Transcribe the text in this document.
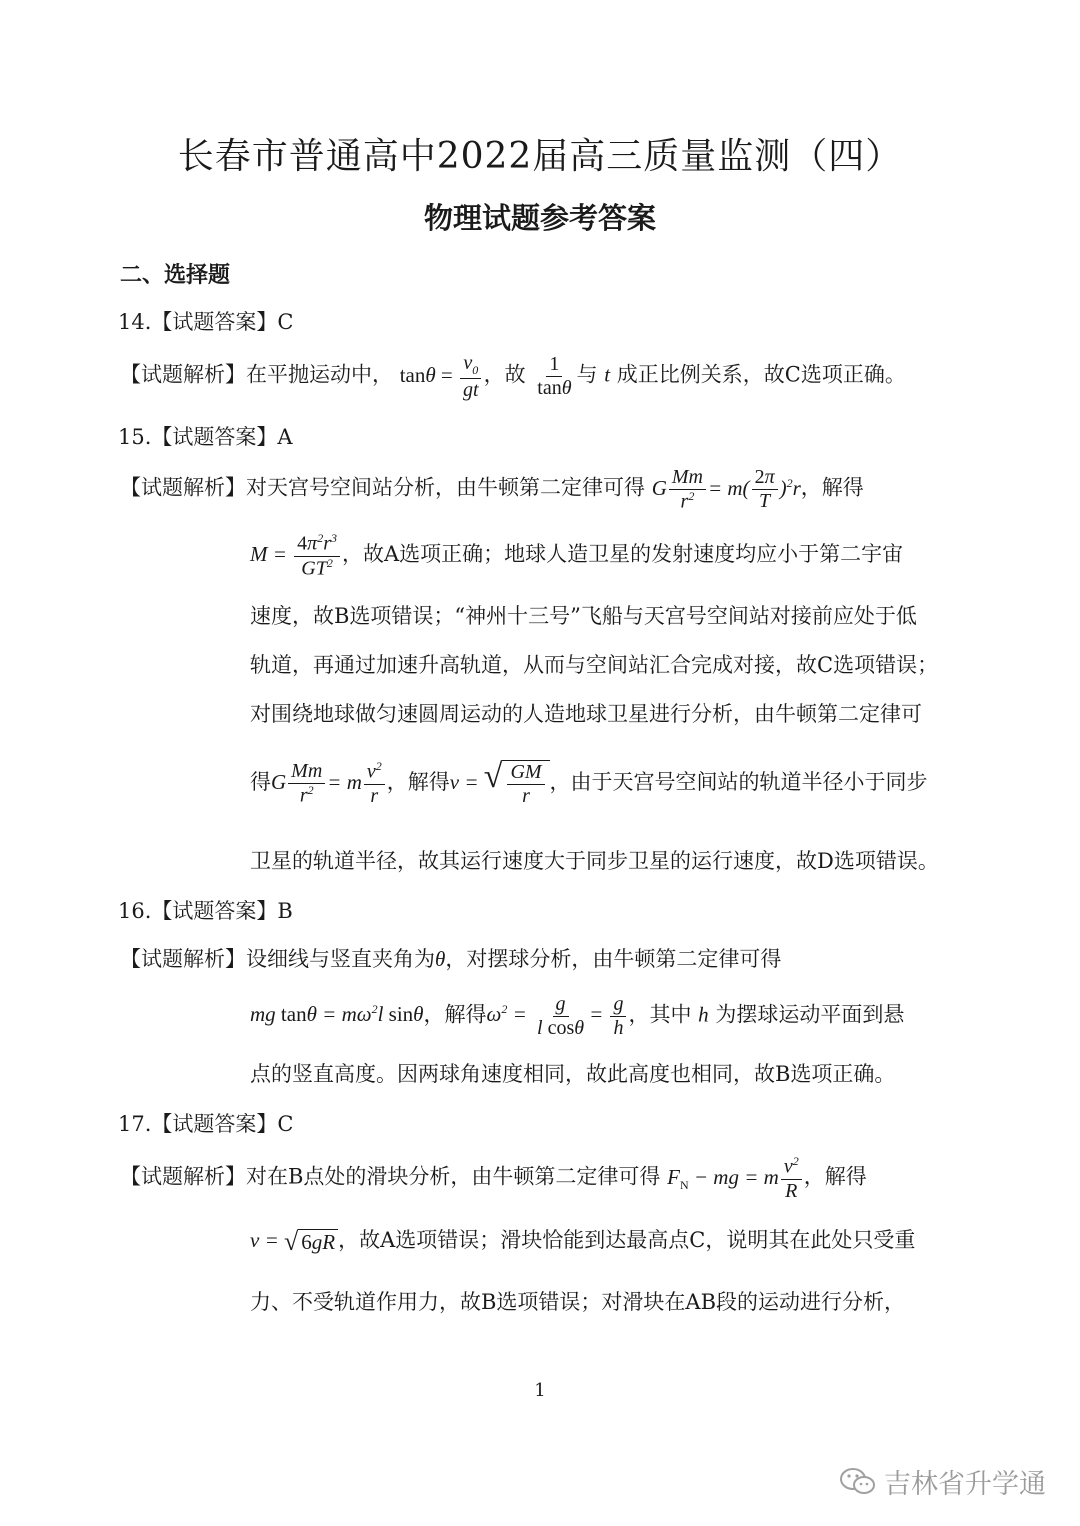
长春市普通高中2022届高三质量监测（四）
物理试题参考答案
二、选择题
14.【试题答案】C
【试题解析】在平抛运动中， $\tan\theta = \frac{v_0}{gt}$ ，故 $\frac{1}{\tan\theta}$ 与 t 成正比例关系，故C选项正确。
15.【试题答案】A
【试题解析】对天宫号空间站分析，由牛顿第二定律可得 G $\frac{Mm}{r^2} = m( \frac{2\pi}{T} )^2r$，解得
$M = \frac{4\pi^2r^3}{GT^2}$ ，故A选项正确；地球人造卫星的发射速度均应小于第二宇宙
速度，故B选项错误；“神州十三号”飞船与天宫号空间站对接前应处于低
轨道，再通过加速升高轨道，从而与空间站汇合完成对接，故C选项错误；
对围绕地球做匀速圆周运动的人造地球卫星进行分析，由牛顿第二定律可
得G $\frac{Mm}{r^2} = m \frac{v^2}{r}$ ，解得v = √ $\frac{GM}{r}$ ，由于天宫号空间站的轨道半径小于同步
卫星的轨道半径，故其运行速度大于同步卫星的运行速度，故D选项错误。
16.【试题答案】B
【试题解析】设细线与竖直夹角为θ，对摆球分析，由牛顿第二定律可得
mg $\tan\theta = m\omega^2l$ sinθ，解得$\omega^2 = \frac{g}{\text{l cosθ}} = \frac{g}{h}$ ，其中 h 为摆球运动平面到悬
点的竖直高度。因两球角速度相同，故此高度也相同，故B选项正确。
17.【试题答案】C
【试题解析】对在B点处的滑块分析，由牛顿第二定律可得 $F_N$ − mg = m $\frac{v^2}{R}$ ，解得
v = √ 6 gR ，故A选项错误；滑块恰能到达最高点C，说明其在此处只受重
力、不受轨道作用力，故B选项错误；对滑块在AB段的运动进行分析，
1
吉林省升学通
